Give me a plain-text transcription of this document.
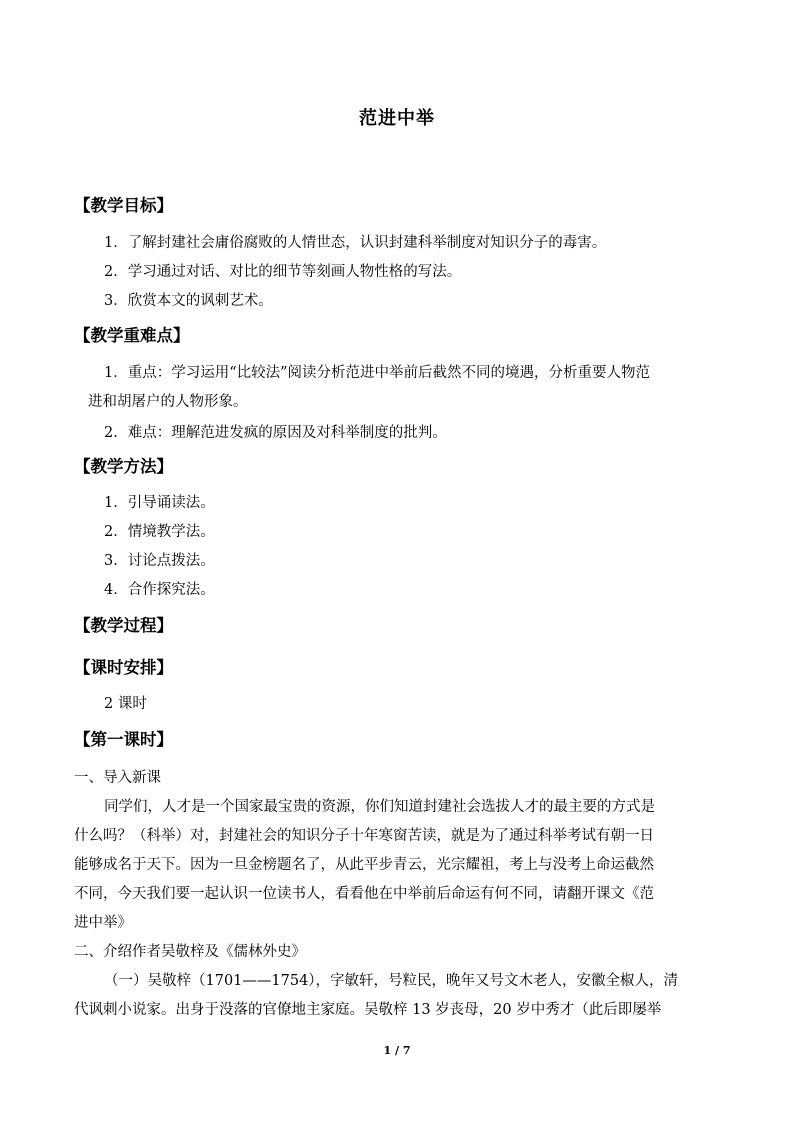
范进中举
【教学目标】
1．了解封建社会庸俗腐败的人情世态，认识封建科举制度对知识分子的毒害。
2．学习通过对话、对比的细节等刻画人物性格的写法。
3．欣赏本文的讽刺艺术。
【教学重难点】
1．重点：学习运用“比较法”阅读分析范进中举前后截然不同的境遇，分析重要人物范
进和胡屠户的人物形象。
2．难点：理解范进发疯的原因及对科举制度的批判。
【教学方法】
1．引导诵读法。
2．情境教学法。
3．讨论点拨法。
4．合作探究法。
【教学过程】
【课时安排】
2 课时
【第一课时】
一、导入新课
同学们，人才是一个国家最宝贵的资源，你们知道封建社会选拔人才的最主要的方式是
什么吗？（科举）对，封建社会的知识分子十年寒窗苦读，就是为了通过科举考试有朝一日
能够成名于天下。因为一旦金榜题名了，从此平步青云，光宗耀祖，考上与没考上命运截然
不同，今天我们要一起认识一位读书人，看看他在中举前后命运有何不同，请翻开课文《范
进中举》
二、介绍作者吴敬梓及《儒林外史》
（一）吴敬梓（1701——1754），字敏轩，号粒民，晚年又号文木老人，安徽全椒人，清
代讽刺小说家。出身于没落的官僚地主家庭。吴敬梓 13 岁丧母，20 岁中秀才（此后即屡举
1 / 7
